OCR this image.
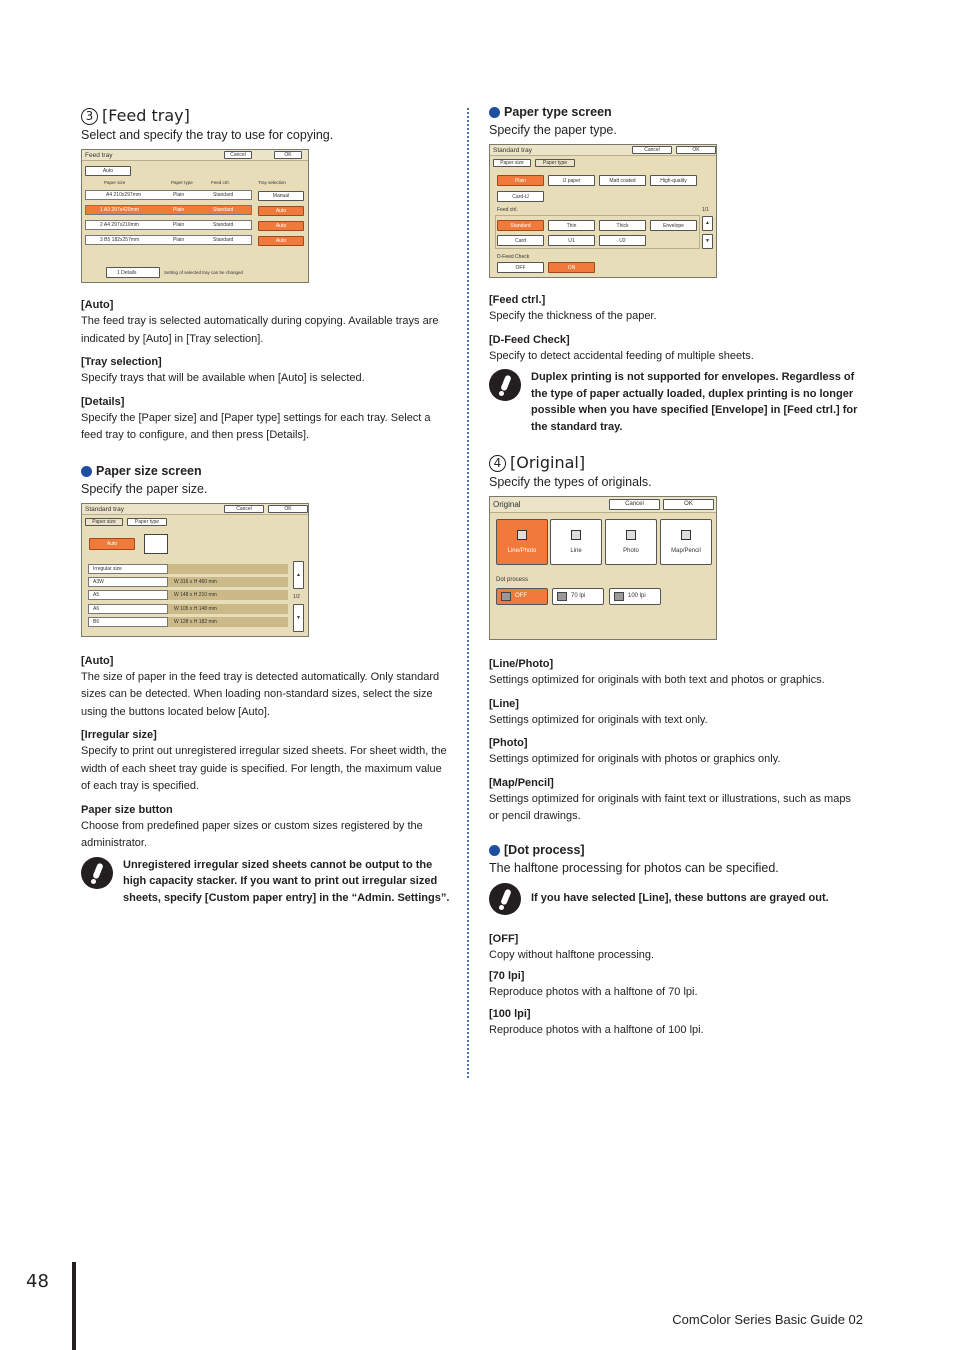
3 [Feed tray]

Select and specify the tray to use for copying.

Feed tray	Cancel	OK
Auto
Paper size	Paper type	Feed ctrl.	Tray selection
A4 210x297mm	Plain	Standard	Manual
1 A3 297x420mm	Plain	Standard	Auto
2 A4 297x210mm	Plain	Standard	Auto
3 B5 182x257mm	Plain	Standard	Auto
1 Details	Setting of selected tray can be changed

[Auto]

The feed tray is selected automatically during copying. Available trays are indicated by [Auto] in [Tray selection].

[Tray selection]

Specify trays that will be available when [Auto] is selected.

[Details]

Specify the [Paper size] and [Paper type] settings for each tray. Select a feed tray to configure, and then press [Details].

Paper size screen

Specify the paper size.

Standard tray	Cancel	OK
Paper size	Paper type
Auto
Irregular size
A3W	W 316 x H 460 mm
A5	W 148 x H 210 mm
A6	W 105 x H 148 mm
B6	W 128 x H 182 mm
▲
1/2
▼

[Auto]

The size of paper in the feed tray is detected automatically. Only standard sizes can be detected. When loading non-standard sizes, select the size using the buttons located below [Auto].

[Irregular size]

Specify to print out unregistered irregular sized sheets. For sheet width, the width of each sheet tray guide is specified. For length, the maximum value of each tray is specified.

Paper size button

Choose from predefined paper sizes or custom sizes registered by the administrator.

Unregistered irregular sized sheets cannot be output to the high capacity stacker. If you want to print out irregular sized sheets, specify [Custom paper entry] in the “Admin. Settings”.

Paper type screen

Specify the paper type.

Standard tray	Cancel	OK
Paper size	Paper type
Plain	IJ paper	Matt coated	High-quality
Card-IJ
Feed ctrl.	1/1
Standard	Thin	Thick	Envelope
Card	U1	U2
▲
▼
D-Feed Check
OFF	ON

[Feed ctrl.]

Specify the thickness of the paper.

[D-Feed Check]

Specify to detect accidental feeding of multiple sheets.

Duplex printing is not supported for envelopes. Regardless of the type of paper actually loaded, duplex printing is no longer possible when you have specified [Envelope] in [Feed ctrl.] for the standard tray.

4 [Original]

Specify the types of originals.

Original	Cancel	OK
Line/Photo	Line	Photo	Map/Pencil
Dot process
OFF	70 lpi	100 lpi

[Line/Photo]

Settings optimized for originals with both text and photos or graphics.

[Line]

Settings optimized for originals with text only.

[Photo]

Settings optimized for originals with photos or graphics only.

[Map/Pencil]

Settings optimized for originals with faint text or illustrations, such as maps or pencil drawings.

[Dot process]

The halftone processing for photos can be specified.

If you have selected [Line], these buttons are grayed out.

[OFF]

Copy without halftone processing.

[70 lpi]

Reproduce photos with a halftone of 70 lpi.

[100 lpi]

Reproduce photos with a halftone of 100 lpi.

48
ComColor Series Basic Guide 02
